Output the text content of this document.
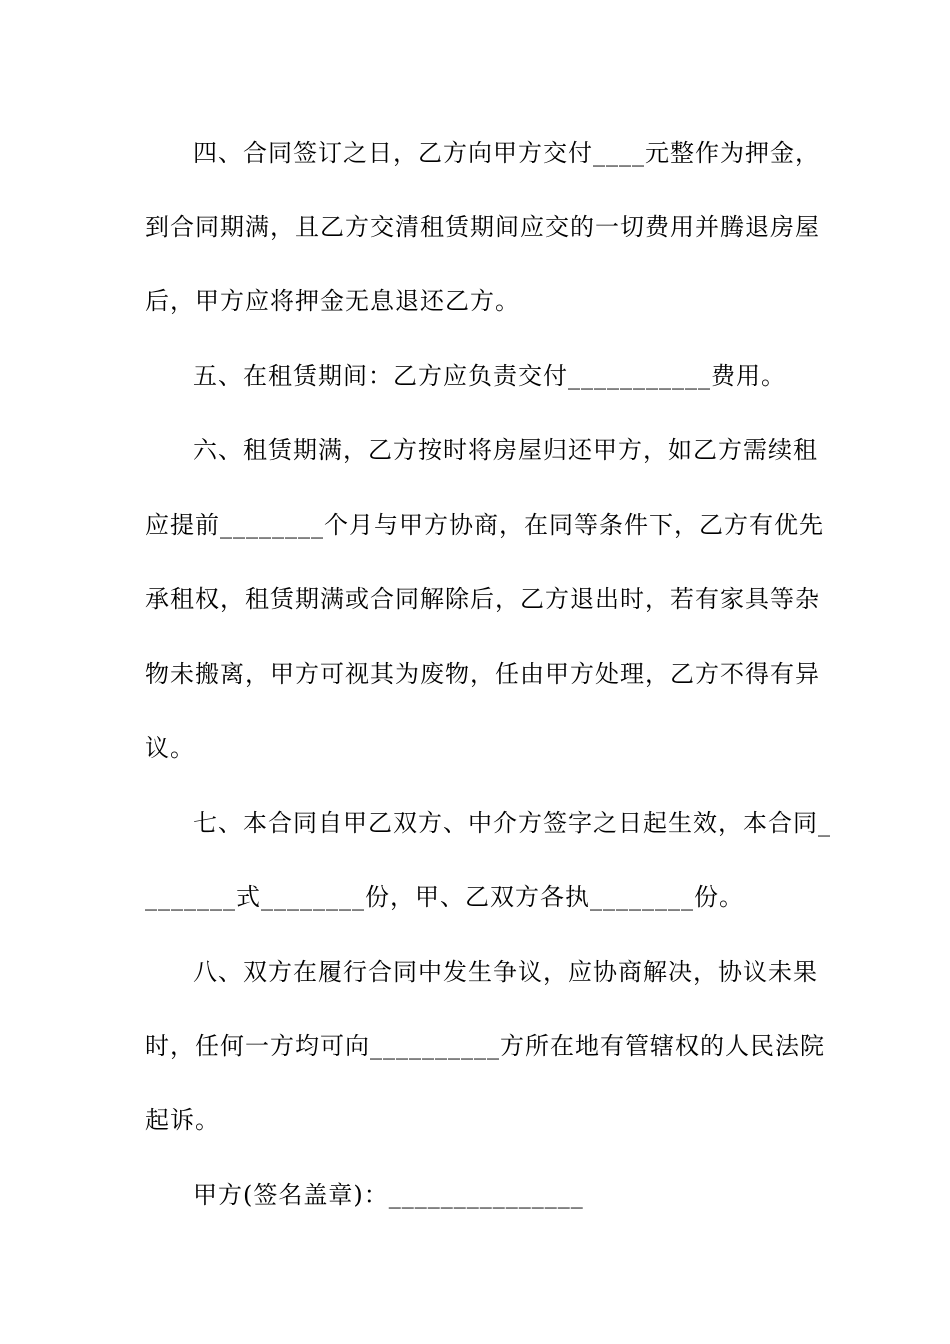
四、合同签订之日，乙方向甲方交付____元整作为押金，
到合同期满，且乙方交清租赁期间应交的一切费用并腾退房屋
后，甲方应将押金无息退还乙方。
五、在租赁期间：乙方应负责交付___________费用。
六、租赁期满，乙方按时将房屋归还甲方，如乙方需续租
应提前________个月与甲方协商，在同等条件下，乙方有优先
承租权，租赁期满或合同解除后，乙方退出时，若有家具等杂
物未搬离，甲方可视其为废物，任由甲方处理，乙方不得有异
议。
七、本合同自甲乙双方、中介方签字之日起生效，本合同_
_______式________份，甲、乙双方各执________份。
八、双方在履行合同中发生争议，应协商解决，协议未果
时，任何一方均可向__________方所在地有管辖权的人民法院
起诉。
甲方(签名盖章)：_______________
